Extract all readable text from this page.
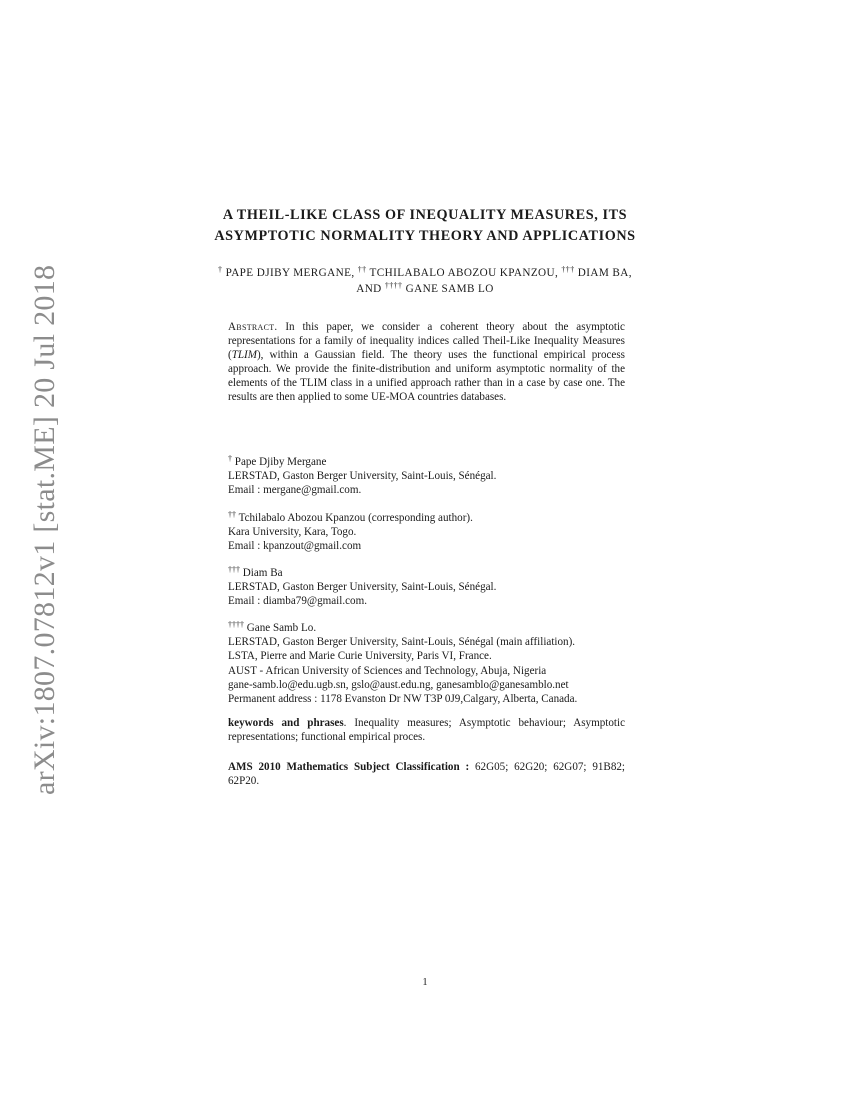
arXiv:1807.07812v1 [stat.ME] 20 Jul 2018
A THEIL-LIKE CLASS OF INEQUALITY MEASURES, ITS
ASYMPTOTIC NORMALITY THEORY AND APPLICATIONS
† PAPE DJIBY MERGANE, †† TCHILABALO ABOZOU KPANZOU, ††† DIAM BA,
AND †††† GANE SAMB LO
Abstract. In this paper, we consider a coherent theory about the asymptotic representations for a family of inequality indices called Theil-Like Inequality Measures (TLIM), within a Gaussian field. The theory uses the functional empirical process approach. We provide the finite-distribution and uniform asymptotic normality of the elements of the TLIM class in a unified approach rather than in a case by case one. The results are then applied to some UE-MOA countries databases.
† Pape Djiby Mergane
LERSTAD, Gaston Berger University, Saint-Louis, Sénégal.
Email : mergane@gmail.com.
†† Tchilabalo Abozou Kpanzou (corresponding author).
Kara University, Kara, Togo.
Email : kpanzout@gmail.com
††† Diam Ba
LERSTAD, Gaston Berger University, Saint-Louis, Sénégal.
Email : diamba79@gmail.com.
†††† Gane Samb Lo.
LERSTAD, Gaston Berger University, Saint-Louis, Sénégal (main affiliation).
LSTA, Pierre and Marie Curie University, Paris VI, France.
AUST - African University of Sciences and Technology, Abuja, Nigeria
gane-samb.lo@edu.ugb.sn, gslo@aust.edu.ng, ganesamblo@ganesamblo.net
Permanent address : 1178 Evanston Dr NW T3P 0J9,Calgary, Alberta, Canada.
keywords and phrases. Inequality measures; Asymptotic behaviour; Asymptotic representations; functional empirical proces.
AMS 2010 Mathematics Subject Classification : 62G05; 62G20; 62G07; 91B82; 62P20.
1
